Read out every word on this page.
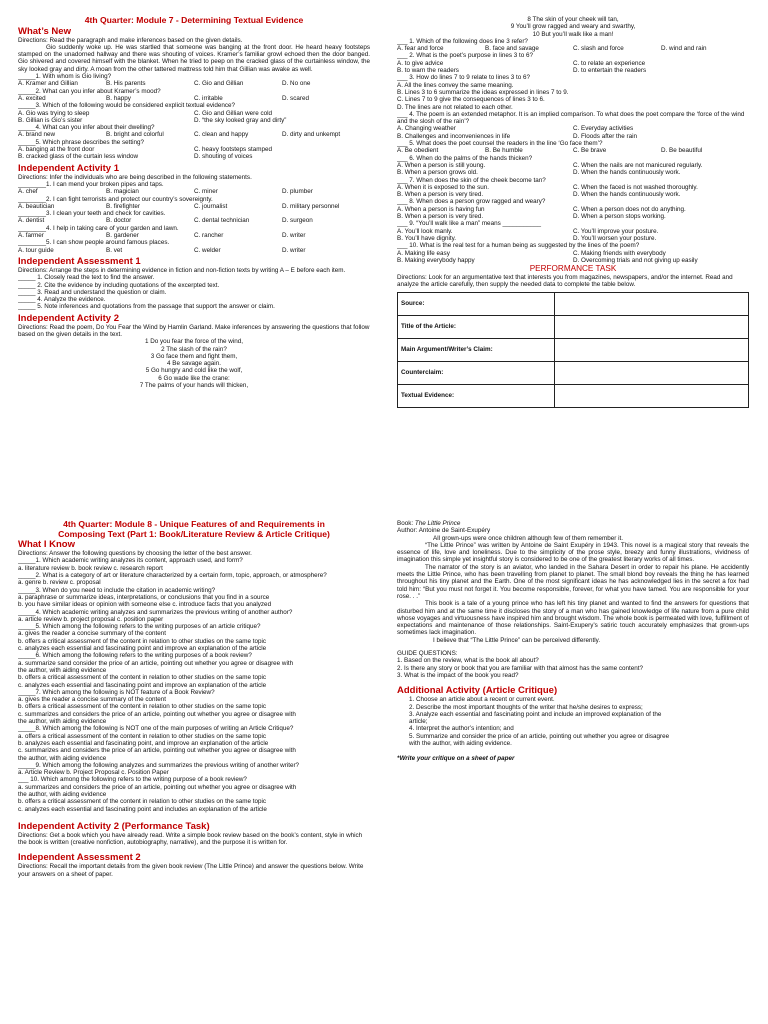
4th Quarter: Module 7 - Determining Textual Evidence
What’s New
Directions: Read the paragraph and make inferences based on the given details.
Gio suddenly woke up. He was startled that someone was banging at the front door. He heard heavy footsteps stamped on the unadorned hallway and there was shouting of voices. Kramer’s familiar growl echoed then the door banged. Gio shivered and covered himself with the blanket. When he tried to peep on the cracked glass of the curtainless window, the sky looked gray and dirty. A moan from the other tattered mattress told him that Gillian was awake as well.
_____1. With whom is Gio living?
A. Kramer and Gillian	B. His parents	C. Gio and Gillian	D. No one
_____2. What can you infer about Kramer’s mood?
A. excited	B. happy	C. irritable	D. scared
_____3. Which of the following would be considered explicit textual evidence?
A. Gio was trying to sleep	C. Gio and Gillian were cold
B. Gillian is Gio’s sister	D. “the sky looked gray and dirty”
_____4. What can you infer about their dwelling?
A. brand new	B. bright and colorful	C. clean and happy	D. dirty and unkempt
_____5. Which phrase describes the setting?
A. banging at the front door	C. heavy footsteps stamped
B. cracked glass of the curtain less window	D. shouting of voices
Independent Activity 1
Directions: Infer the individuals who are being described in the following statements.
________1. I can mend your broken pipes and taps.
A. chef	B. magician	C. miner	D. plumber
________2. I can fight terrorists and protect our country’s sovereignty.
A. beautician	B. firefighter	C. journalist	D. military personnel
________3. I clean your teeth and check for cavities.
A. dentist	B. doctor	C. dental technician	D. surgeon
________4. I help in taking care of your garden and lawn.
A. farmer	B. gardener	C. rancher	D. writer
________5. I can show people around famous places.
A. tour guide	B. vet	C. welder	D. writer
Independent Assessment 1
Directions: Arrange the steps in determining evidence in fiction and non-fiction texts by writing A – E before each item.
_____ 1. Closely read the text to find the answer.
_____ 2. Cite the evidence by including quotations of the excerpted text.
_____ 3. Read and understand the question or claim.
_____ 4. Analyze the evidence.
_____ 5. Note inferences and quotations from the passage that support the answer or claim.
Independent Activity 2
Directions: Read the poem, Do You Fear the Wind by Hamlin Garland. Make inferences by answering the questions that follow based on the given details in the text.
1 Do you fear the force of the wind,
2 The slash of the rain?
3 Go face them and fight them,
4 Be savage again.
5 Go hungry and cold like the wolf,
6 Go wade like the crane:
7 The palms of your hands will thicken,
8 The skin of your cheek will tan,
9 You’ll grow ragged and weary and swarthy,
10 But you’ll walk like a man!
___ 1. Which of the following does line 3 refer?
A. fear and force	B. face and savage	C. slash and force	D. wind and rain
___ 2. What is the poet’s purpose in lines 3 to 6?
A. to give advice	C. to relate an experience
B. to warn the readers	D. to entertain the readers
___ 3. How do lines 7 to 9 relate to lines 3 to 6?
A. All the lines convey the same meaning.
B. Lines 3 to 6 summarize the ideas expressed in lines 7 to 9.
C. Lines 7 to 9 give the consequences of lines 3 to 6.
D. The lines are not related to each other.
___ 4. The poem is an extended metaphor. It is an implied comparison. To what does the poet compare the ‘force of the wind and the slosh of the rain’?
A. Changing weather	C. Everyday activities
B. Challenges and inconveniences in life	D. Floods after the rain
___ 5. What does the poet counsel the readers in the line ‘Go face them’?
A. Be obedient	B. Be humble	C. Be brave	D. Be beautiful
___ 6. When do the palms of the hands thicken?
A. When a person is still young.	C. When the nails are not manicured regularly.
B. When a person grows old.	D. When the hands continuously work.
___ 7. When does the skin of the cheek become tan?
A. When it is exposed to the sun.	C. When the faced is not washed thoroughly.
B. When a person is very tired.	D. When the hands continuously work.
___ 8. When does a person grow ragged and weary?
A. When a person is having fun	C. When a person does not do anything.
B. When a person is very tired.	D. When a person stops working.
___ 9. “You’ll walk like a man” means ___________
A. You’ll look manly.	C. You’ll improve your posture.
B. You’ll have dignity.	D. You’ll worsen your posture.
___ 10. What is the real test for a human being as suggested by the lines of the poem?
A. Making life easy	C. Making friends with everybody
B. Making everybody happy	D. Overcoming trials and not giving up easily
PERFORMANCE TASK
Directions: Look for an argumentative text that interests you from magazines, newspapers, and/or the internet. Read and analyze the article carefully, then supply the needed data to complete the table below.
Source:	
Title of the Article:	
Main Argument/Writer’s Claim:	
Counterclaim:	
Textual Evidence:	
4th Quarter: Module 8 - Unique Features of and Requirements in
Composing Text (Part 1: Book/Literature Review & Article Critique)
What I Know
Directions: Answer the following questions by choosing the letter of the best answer.
_____1. Which academic writing analyzes its content, approach used, and form?
a. literature review b. book review c. research report
_____2. What is a category of art or literature characterized by a certain form, topic, approach, or atmosphere?
a. genre b. review c. proposal
_____3. When do you need to include the citation in academic writing?
a. paraphrase or summarize ideas, interpretations, or conclusions that you find in a source
b. you have similar ideas or opinion with someone else c. introduce facts that you analyzed
_____4. Which academic writing analyzes and summarizes the previous writing of another author?
a. article review b. project proposal c. position paper
_____5. Which among the following refers to the writing purposes of an article critique?
a. gives the reader a concise summary of the content
b. offers a critical assessment of the content in relation to other studies on the same topic
c. analyzes each essential and fascinating point and improve an explanation of the article
_____6. Which among the following refers to the writing purposes of a book review?
a. summarize sand consider the price of an article, pointing out whether you agree or disagree with
the author, with aiding evidence
b. offers a critical assessment of the content in relation to other studies on the same topic
c. analyzes each essential and fascinating point and improve an explanation of the article
_____7. Which among the following is NOT feature of a Book Review?
a. gives the reader a concise summary of the content
b. offers a critical assessment of the content in relation to other studies on the same topic
c. summarizes and considers the price of an article, pointing out whether you agree or disagree with
the author, with aiding evidence
_____8. Which among the following is NOT one of the main purposes of writing an Article Critique?
a. offers a critical assessment of the content in relation to other studies on the same topic
b. analyzes each essential and fascinating point, and improve an explanation of the article
c. summarizes and considers the price of an article, pointing out whether you agree or disagree with
the author, with aiding evidence
_____9. Which among the following analyzes and summarizes the previous writing of another writer?
a. Article Review b. Project Proposal c. Position Paper
___ 10. Which among the following refers to the writing purpose of a book review?
a. summarizes and considers the price of an article, pointing out whether you agree or disagree with
the author, with aiding evidence
b. offers a critical assessment of the content in relation to other studies on the same topic
c. analyzes each essential and fascinating point and includes an explanation of the article
Independent Activity 2 (Performance Task)
Directions: Get a book which you have already read. Write a simple book review based on the book’s content, style in which the book is written (creative nonfiction, autobiography, narrative), and the purpose it is written for.
Independent Assessment 2
Directions: Recall the important details from the given book review (The Little Prince) and answer the questions below. Write your answers on a sheet of paper.
Book: The Little Prince
Author: Antoine de Saint-Exupéry
All grown-ups were once children although few of them remember it.
“The Little Prince” was written by Antoine de Saint Exupéry in 1943. This novel is a magical story that reveals the essence of life, love and loneliness. Due to the simplicity of the prose style, breezy and funny illustrations, vividness of imagination this simple yet insightful story is considered to be one of the greatest literary works of all times.
The narrator of the story is an aviator, who landed in the Sahara Desert in order to repair his plane. He accidently meets the Little Prince, who has been travelling from planet to planet. The small blond boy reveals the thing he has learned throughout his tiny planet and the Earth. One of the most significant ideas he has acknowledged lies in the secret a fox had told him: “But you must not forget it. You become responsible, forever, for what you have tamed. You are responsible for your rose. . .”
This book is a tale of a young prince who has left his tiny planet and wanted to find the answers for questions that disturbed him and at the same time it discloses the story of a man who has gained knowledge of life nature from a pure child whose voyages and virtuousness have inspired him and brought wisdom. The whole book is permeated with love, fulfillment of expectations and maintenance of those relationships. Saint-Exupery’s satiric touch accurately emphasizes that grown-ups sometimes lack imagination.
I believe that “The Little Prince” can be perceived differently.
GUIDE QUESTIONS:
1. Based on the review, what is the book all about?
2. Is there any story or book that you are familiar with that almost has the same content?
3. What is the impact of the book you read?
Additional Activity (Article Critique)
1. Choose an article about a recent or current event.
2. Describe the most important thoughts of the writer that he/she desires to express;
3. Analyze each essential and fascinating point and include an improved explanation of the
article;
4. Interpret the author’s intention; and
5. Summarize and consider the price of an article, pointing out whether you agree or disagree
with the author, with aiding evidence.
*Write your critique on a sheet of paper
